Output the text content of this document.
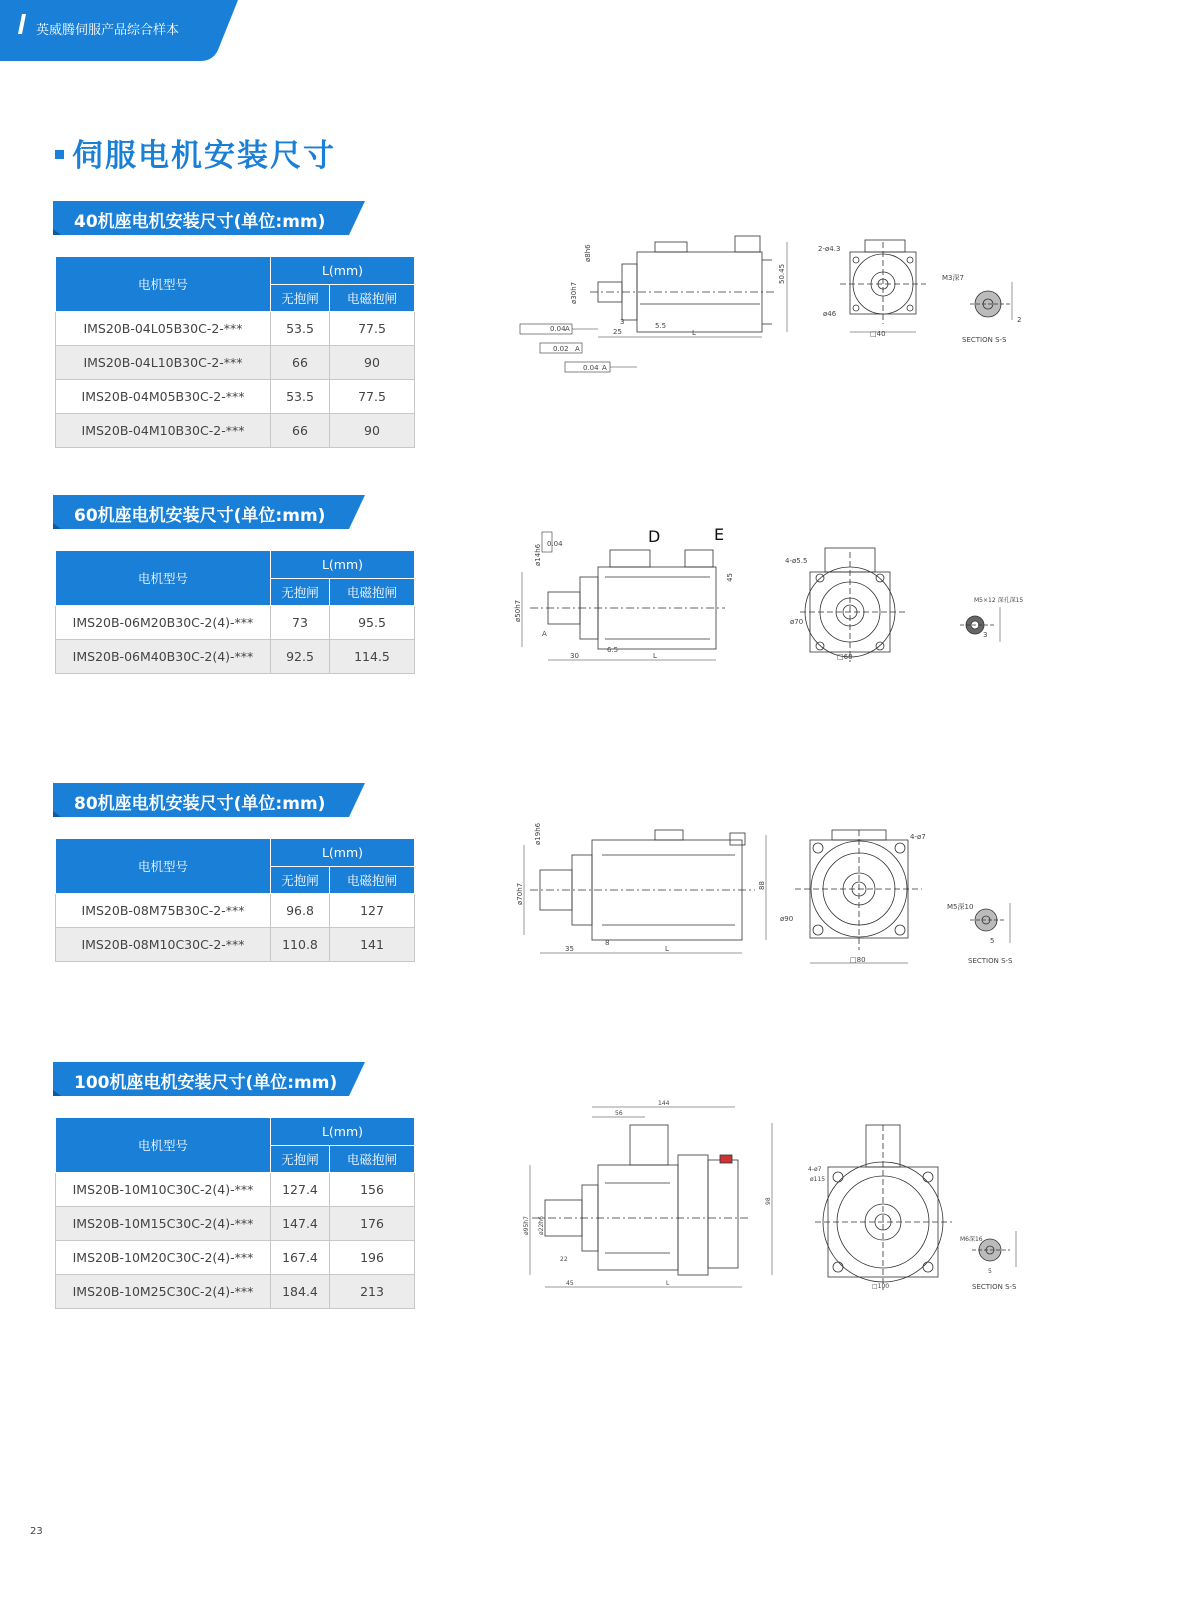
英威腾伺服产品综合样本
伺服电机安装尺寸
40机座电机安装尺寸(单位:mm)
60机座电机安装尺寸(单位:mm)
80机座电机安装尺寸(单位:mm)
100机座电机安装尺寸(单位:mm)
电机型号	L(mm)	
	无抱闸	电磁抱闸
IMS20B-04L05B30C-2-***	53.5	77.5
IMS20B-04L10B30C-2-***	66	90
IMS20B-04M05B30C-2-***	53.5	77.5
IMS20B-04M10B30C-2-***	66	90
电机型号	L(mm)	
	无抱闸	电磁抱闸
IMS20B-06M20B30C-2(4)-***	73	95.5
IMS20B-06M40B30C-2(4)-***	92.5	114.5
电机型号	L(mm)	
	无抱闸	电磁抱闸
IMS20B-08M75B30C-2-***	96.8	127
IMS20B-08M10C30C-2-***	110.8	141
电机型号	L(mm)	
	无抱闸	电磁抱闸
IMS20B-10M10C30C-2(4)-***	127.4	156
IMS20B-10M15C30C-2(4)-***	147.4	176
IMS20B-10M20C30C-2(4)-***	167.4	196
IMS20B-10M25C30C-2(4)-***	184.4	213
L
25
5.5
3
0.04 A
0.02 A
0.04 A
□40
ø46
2-ø4.3
M3深7
2
SECTION S-S
50.45
ø8h6
ø30h7
D	E
L
30
6.5
0.04
A
□60
ø70
4-ø5.5
M5×12 深孔深15
3
45
ø14h6
ø50h7
L
35
8
□80
ø90
4-ø7
M5深10
5
SECTION S-S
88
ø19h6
ø70h7
144
56
L
45
22
□100
ø115
4-ø7
M6深16
5
SECTION S-S
98
ø22h6
ø95h7
23
